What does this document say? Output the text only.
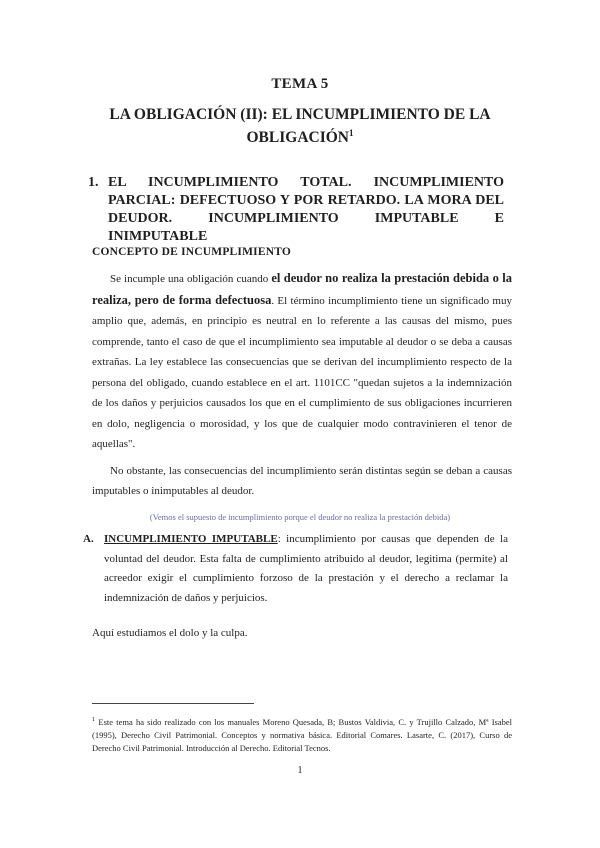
TEMA 5
LA OBLIGACIÓN (II): EL INCUMPLIMIENTO DE LA OBLIGACIÓN$^1$
1. EL INCUMPLIMIENTO TOTAL. INCUMPLIMIENTO PARCIAL: DEFECTUOSO Y POR RETARDO. LA MORA DEL DEUDOR. INCUMPLIMIENTO IMPUTABLE E INIMPUTABLE
CONCEPTO DE INCUMPLIMIENTO
Se incumple una obligación cuando el deudor no realiza la prestación debida o la realiza, pero de forma defectuosa. El término incumplimiento tiene un significado muy amplio que, además, en principio es neutral en lo referente a las causas del mismo, pues comprende, tanto el caso de que el incumplimiento sea imputable al deudor o se deba a causas extrañas. La ley establece las consecuencias que se derivan del incumplimiento respecto de la persona del obligado, cuando establece en el art. 1101CC "quedan sujetos a la indemnización de los daños y perjuicios causados los que en el cumplimiento de sus obligaciones incurrieren en dolo, negligencia o morosidad, y los que de cualquier modo contravinieren el tenor de aquellas".
No obstante, las consecuencias del incumplimiento serán distintas según se deban a causas imputables o inimputables al deudor.
(Vemos el supuesto de incumplimiento porque el deudor no realiza la prestación debida)
A. INCUMPLIMIENTO IMPUTABLE: incumplimiento por causas que dependen de la voluntad del deudor. Esta falta de cumplimiento atribuido al deudor, legitima (permite) al acreedor exigir el cumplimiento forzoso de la prestación y el derecho a reclamar la indemnización de daños y perjuicios.
Aquí estudiamos el dolo y la culpa.
$^1$ Este tema ha sido realizado con los manuales Moreno Quesada, B; Bustos Valdivia, C. y Trujillo Calzado, Mª Isabel (1995), Derecho Civil Patrimonial. Conceptos y normativa básica. Editorial Comares. Lasarte, C. (2017), Curso de Derecho Civil Patrimonial. Introducción al Derecho. Editorial Tecnos.
1
